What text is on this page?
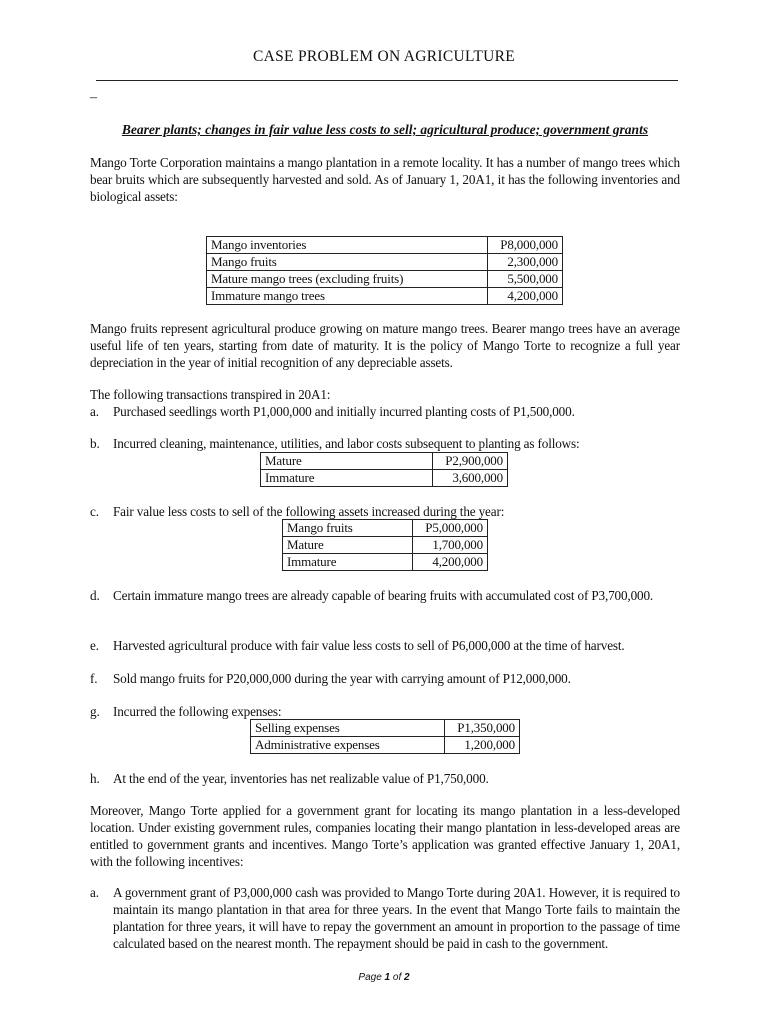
CASE PROBLEM ON AGRICULTURE
–
Bearer plants; changes in fair value less costs to sell; agricultural produce; government grants
Mango Torte Corporation maintains a mango plantation in a remote locality. It has a number of mango trees which bear bruits which are subsequently harvested and sold. As of January 1, 20A1, it has the following inventories and biological assets:
Mango inventories	P8,000,000
Mango fruits	2,300,000
Mature mango trees (excluding fruits)	5,500,000
Immature mango trees	4,200,000
Mango fruits represent agricultural produce growing on mature mango trees. Bearer mango trees have an average useful life of ten years, starting from date of maturity. It is the policy of Mango Torte to recognize a full year depreciation in the year of initial recognition of any depreciable assets.
The following transactions transpired in 20A1:
a. Purchased seedlings worth P1,000,000 and initially incurred planting costs of P1,500,000.
b. Incurred cleaning, maintenance, utilities, and labor costs subsequent to planting as follows:
Mature	P2,900,000
Immature	3,600,000
c. Fair value less costs to sell of the following assets increased during the year:
Mango fruits	P5,000,000
Mature	1,700,000
Immature	4,200,000
d. Certain immature mango trees are already capable of bearing fruits with accumulated cost of P3,700,000.
e. Harvested agricultural produce with fair value less costs to sell of P6,000,000 at the time of harvest.
f. Sold mango fruits for P20,000,000 during the year with carrying amount of P12,000,000.
g. Incurred the following expenses:
Selling expenses	P1,350,000
Administrative expenses	1,200,000
h. At the end of the year, inventories has net realizable value of P1,750,000.
Moreover, Mango Torte applied for a government grant for locating its mango plantation in a less-developed location. Under existing government rules, companies locating their mango plantation in less-developed areas are entitled to government grants and incentives. Mango Torte’s application was granted effective January 1, 20A1, with the following incentives:
a. A government grant of P3,000,000 cash was provided to Mango Torte during 20A1. However, it is required to maintain its mango plantation in that area for three years. In the event that Mango Torte fails to maintain the plantation for three years, it will have to repay the government an amount in proportion to the passage of time calculated based on the nearest month. The repayment should be paid in cash to the government.
Page 1 of 2
